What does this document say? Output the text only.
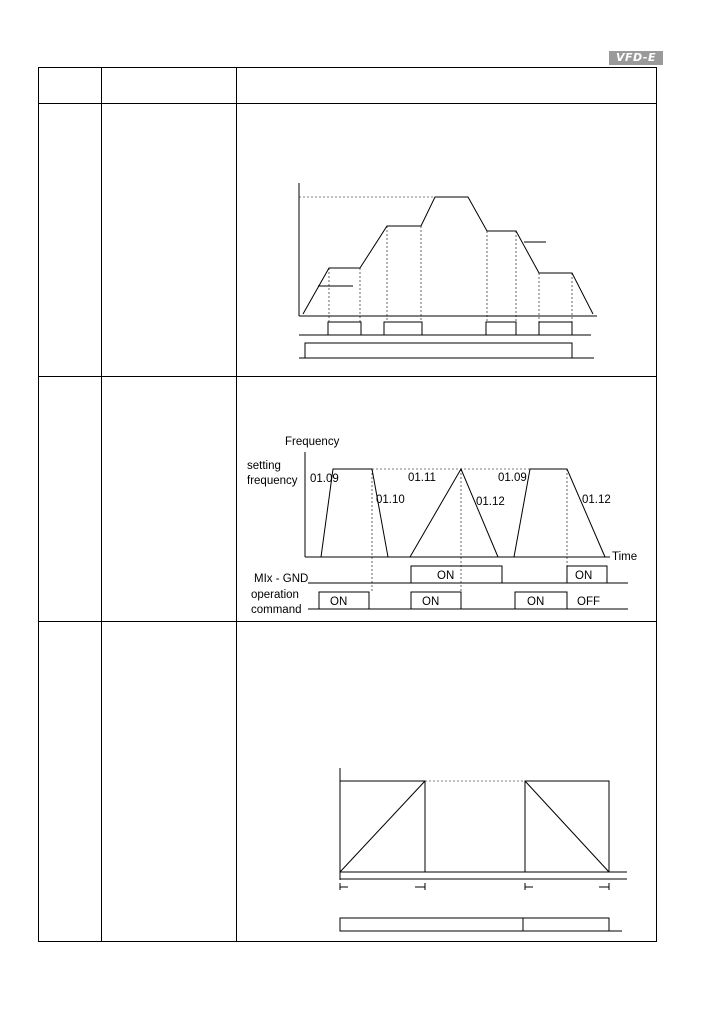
VFD-E
Frequency
setting
frequency
Time
01.09
01.10
01.11
01.12
01.09
01.12
MIx - GND	ON	ON
operation
command
ON	ON	ON	OFF
